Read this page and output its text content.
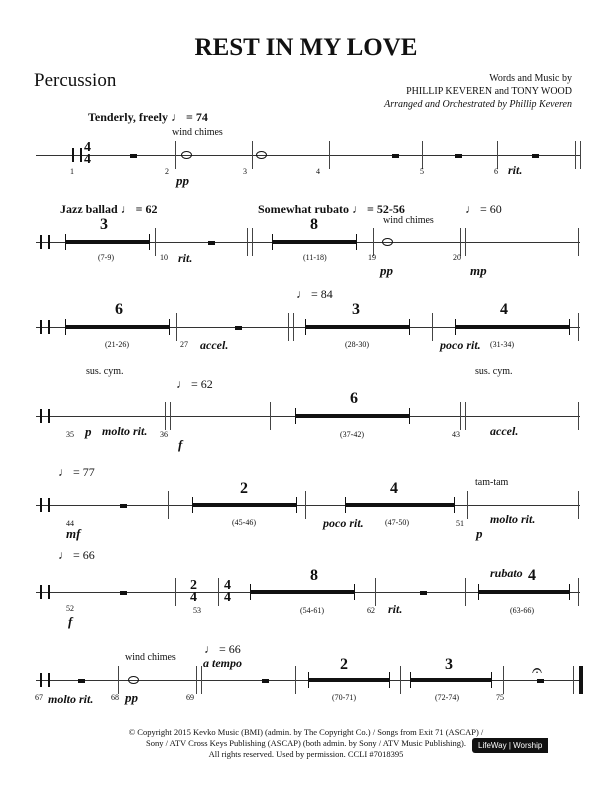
REST IN MY LOVE
Percussion	Words and Music by
PHILLIP KEVEREN and TONY WOOD
Arranged and Orchestrated by Phillip Keveren
4
4
Tenderly, freely ♩ = 74
wind chimes
1	2	3	4	5	6
pp
rit.
Jazz ballad ♩ = 62
3
(7-9)	10 rit.
Somewhat rubato ♩ = 52-56
8
(11-18)
wind chimes
19
pp
20
♩ = 60
mp
6
(21-26)	27 accel.
♩ = 84
3
(28-30)	poco rit.
4
(31-34)
sus. cym.
35 p molto rit.
♩ = 62
36
f
6
(37-42)	43
sus. cym.
accel.
♩ = 77
44
mf
2
(45-46)	poco rit.
4
(47-50)	51
tam-tam
molto rit.
p
♩ = 66
52
f
2
4
53
4
4
8
(54-61)	62 rit.
rubato 4
(63-66)
67 molto rit. 68 pp
wind chimes
69
♩ = 66
a tempo	2
(70-71)
3
(72-74)	75
𝄐
© Copyright 2015 Kevko Music (BMI) (admin. by The Copyright Co.) / Songs from Exit 71 (ASCAP) /
Sony / ATV Cross Keys Publishing (ASCAP) (both admin. by Sony / ATV Music Publishing).
All rights reserved. Used by permission. CCLI #7018395
LifeWay | Worship
